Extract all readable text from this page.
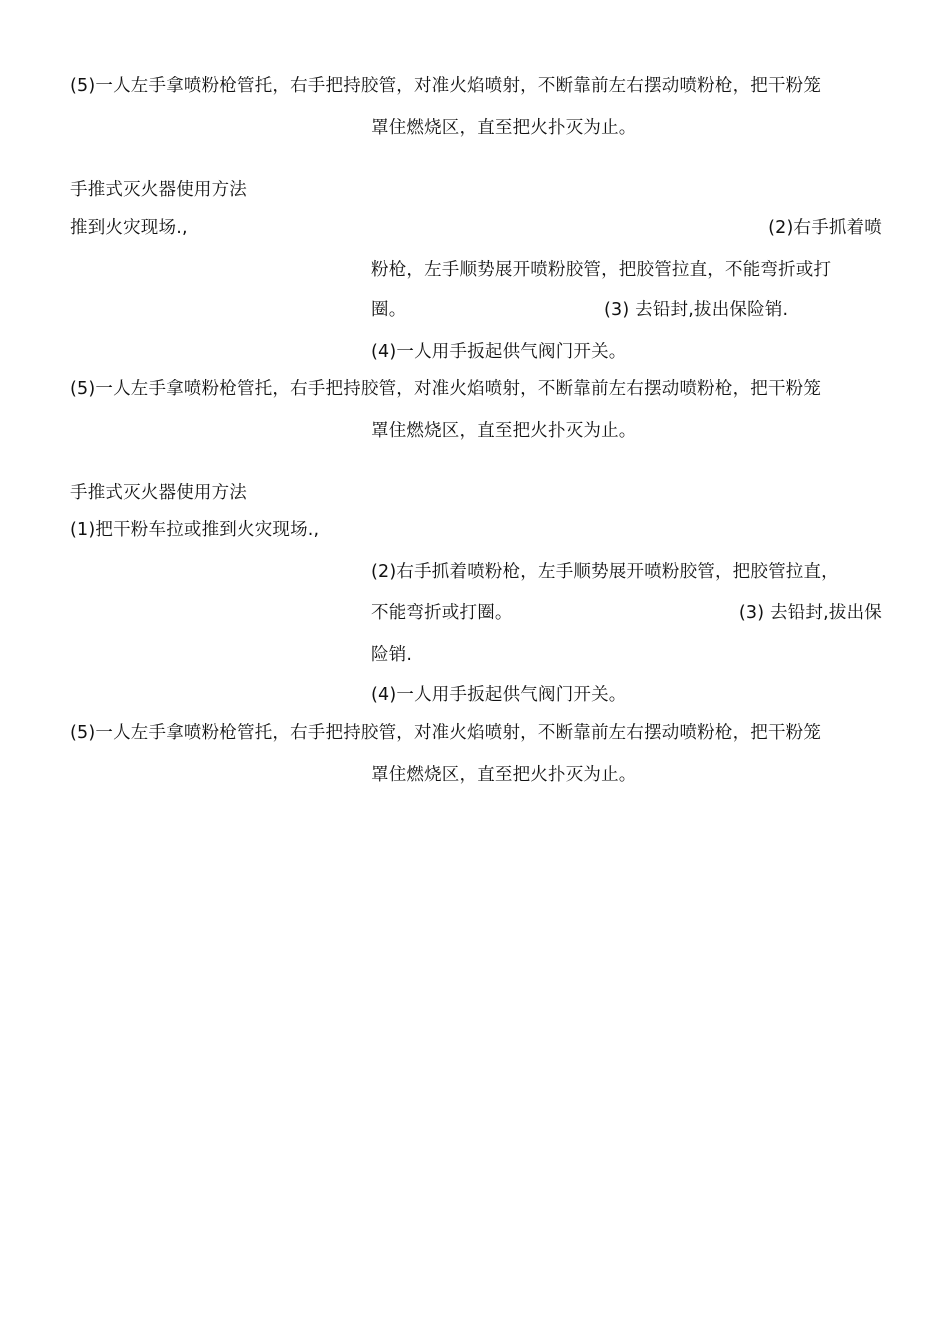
(5)一人左手拿喷粉枪管托，右手把持胶管，对准火焰喷射，不断靠前左右摆动喷粉枪，把干粉笼
罩住燃烧区，直至把火扑灭为止。
手推式灭火器使用方法
推到火灾现场.,	(2)右手抓着喷
粉枪，左手顺势展开喷粉胶管，把胶管拉直，不能弯折或打
圈。	(3) 去铅封,拔出保险销.
(4)一人用手扳起供气阀门开关。
(5)一人左手拿喷粉枪管托，右手把持胶管，对准火焰喷射，不断靠前左右摆动喷粉枪，把干粉笼
罩住燃烧区，直至把火扑灭为止。
手推式灭火器使用方法
(1)把干粉车拉或推到火灾现场.,
(2)右手抓着喷粉枪，左手顺势展开喷粉胶管，把胶管拉直，
不能弯折或打圈。	(3) 去铅封,拔出保
险销.
(4)一人用手扳起供气阀门开关。
(5)一人左手拿喷粉枪管托，右手把持胶管，对准火焰喷射，不断靠前左右摆动喷粉枪，把干粉笼
罩住燃烧区，直至把火扑灭为止。
